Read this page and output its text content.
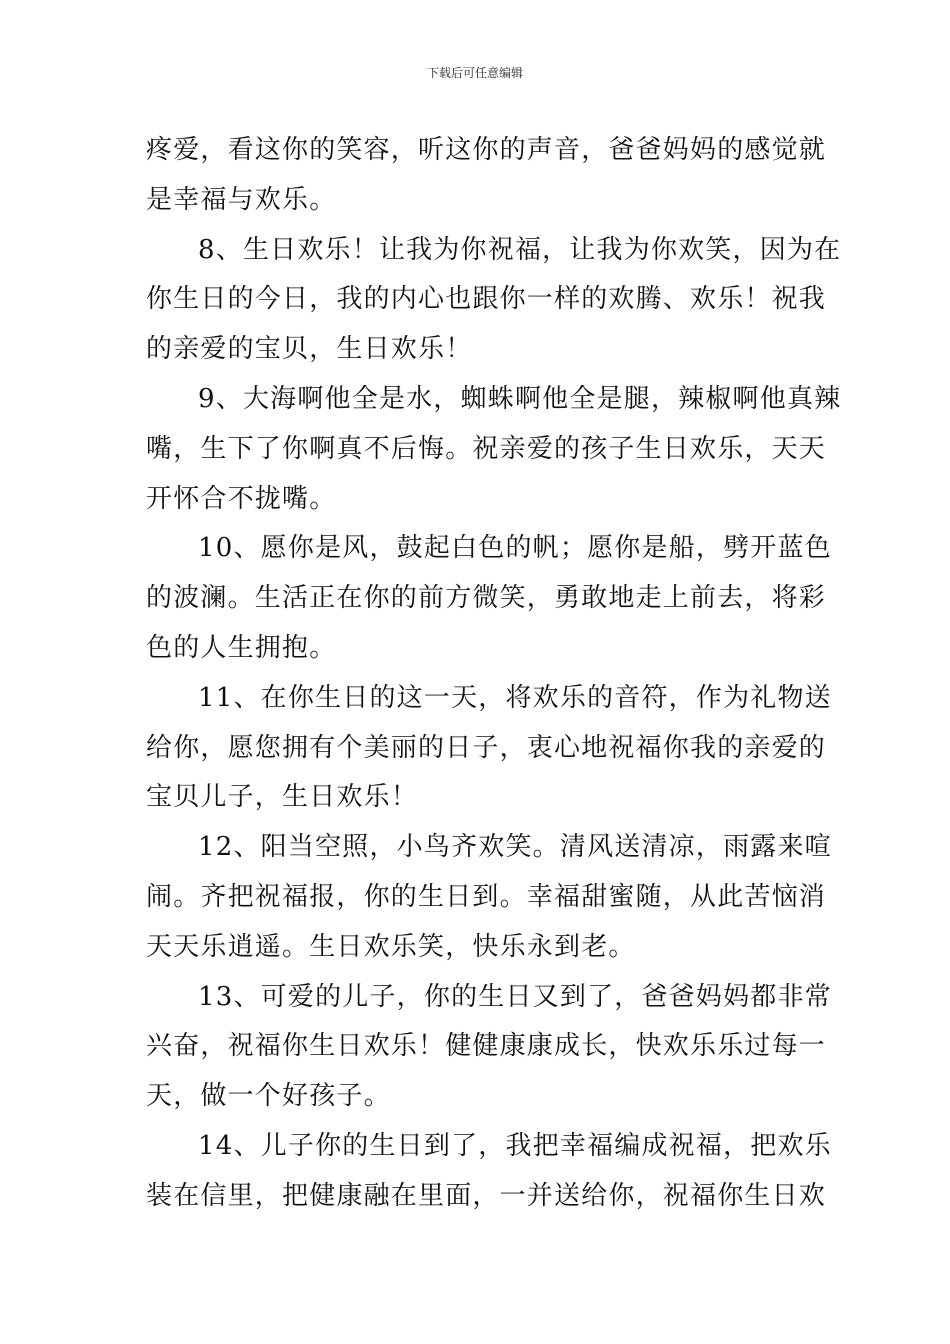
下载后可任意编辑
疼爱，看这你的笑容，听这你的声音，爸爸妈妈的感觉就
是幸福与欢乐。
8、生日欢乐！让我为你祝福，让我为你欢笑，因为在
你生日的今日，我的内心也跟你一样的欢腾、欢乐！祝我
的亲爱的宝贝，生日欢乐！
9、大海啊他全是水，蜘蛛啊他全是腿，辣椒啊他真辣
嘴，生下了你啊真不后悔。祝亲爱的孩子生日欢乐，天天
开怀合不拢嘴。
10、愿你是风，鼓起白色的帆；愿你是船，劈开蓝色
的波澜。生活正在你的前方微笑，勇敢地走上前去，将彩
色的人生拥抱。
11、在你生日的这一天，将欢乐的音符，作为礼物送
给你，愿您拥有个美丽的日子，衷心地祝福你我的亲爱的
宝贝儿子，生日欢乐！
12、阳当空照，小鸟齐欢笑。清风送清凉，雨露来喧
闹。齐把祝福报，你的生日到。幸福甜蜜随，从此苦恼消
天天乐逍遥。生日欢乐笑，快乐永到老。
13、可爱的儿子，你的生日又到了，爸爸妈妈都非常
兴奋，祝福你生日欢乐！健健康康成长，快欢乐乐过每一
天，做一个好孩子。
14、儿子你的生日到了，我把幸福编成祝福，把欢乐
装在信里，把健康融在里面，一并送给你，祝福你生日欢
